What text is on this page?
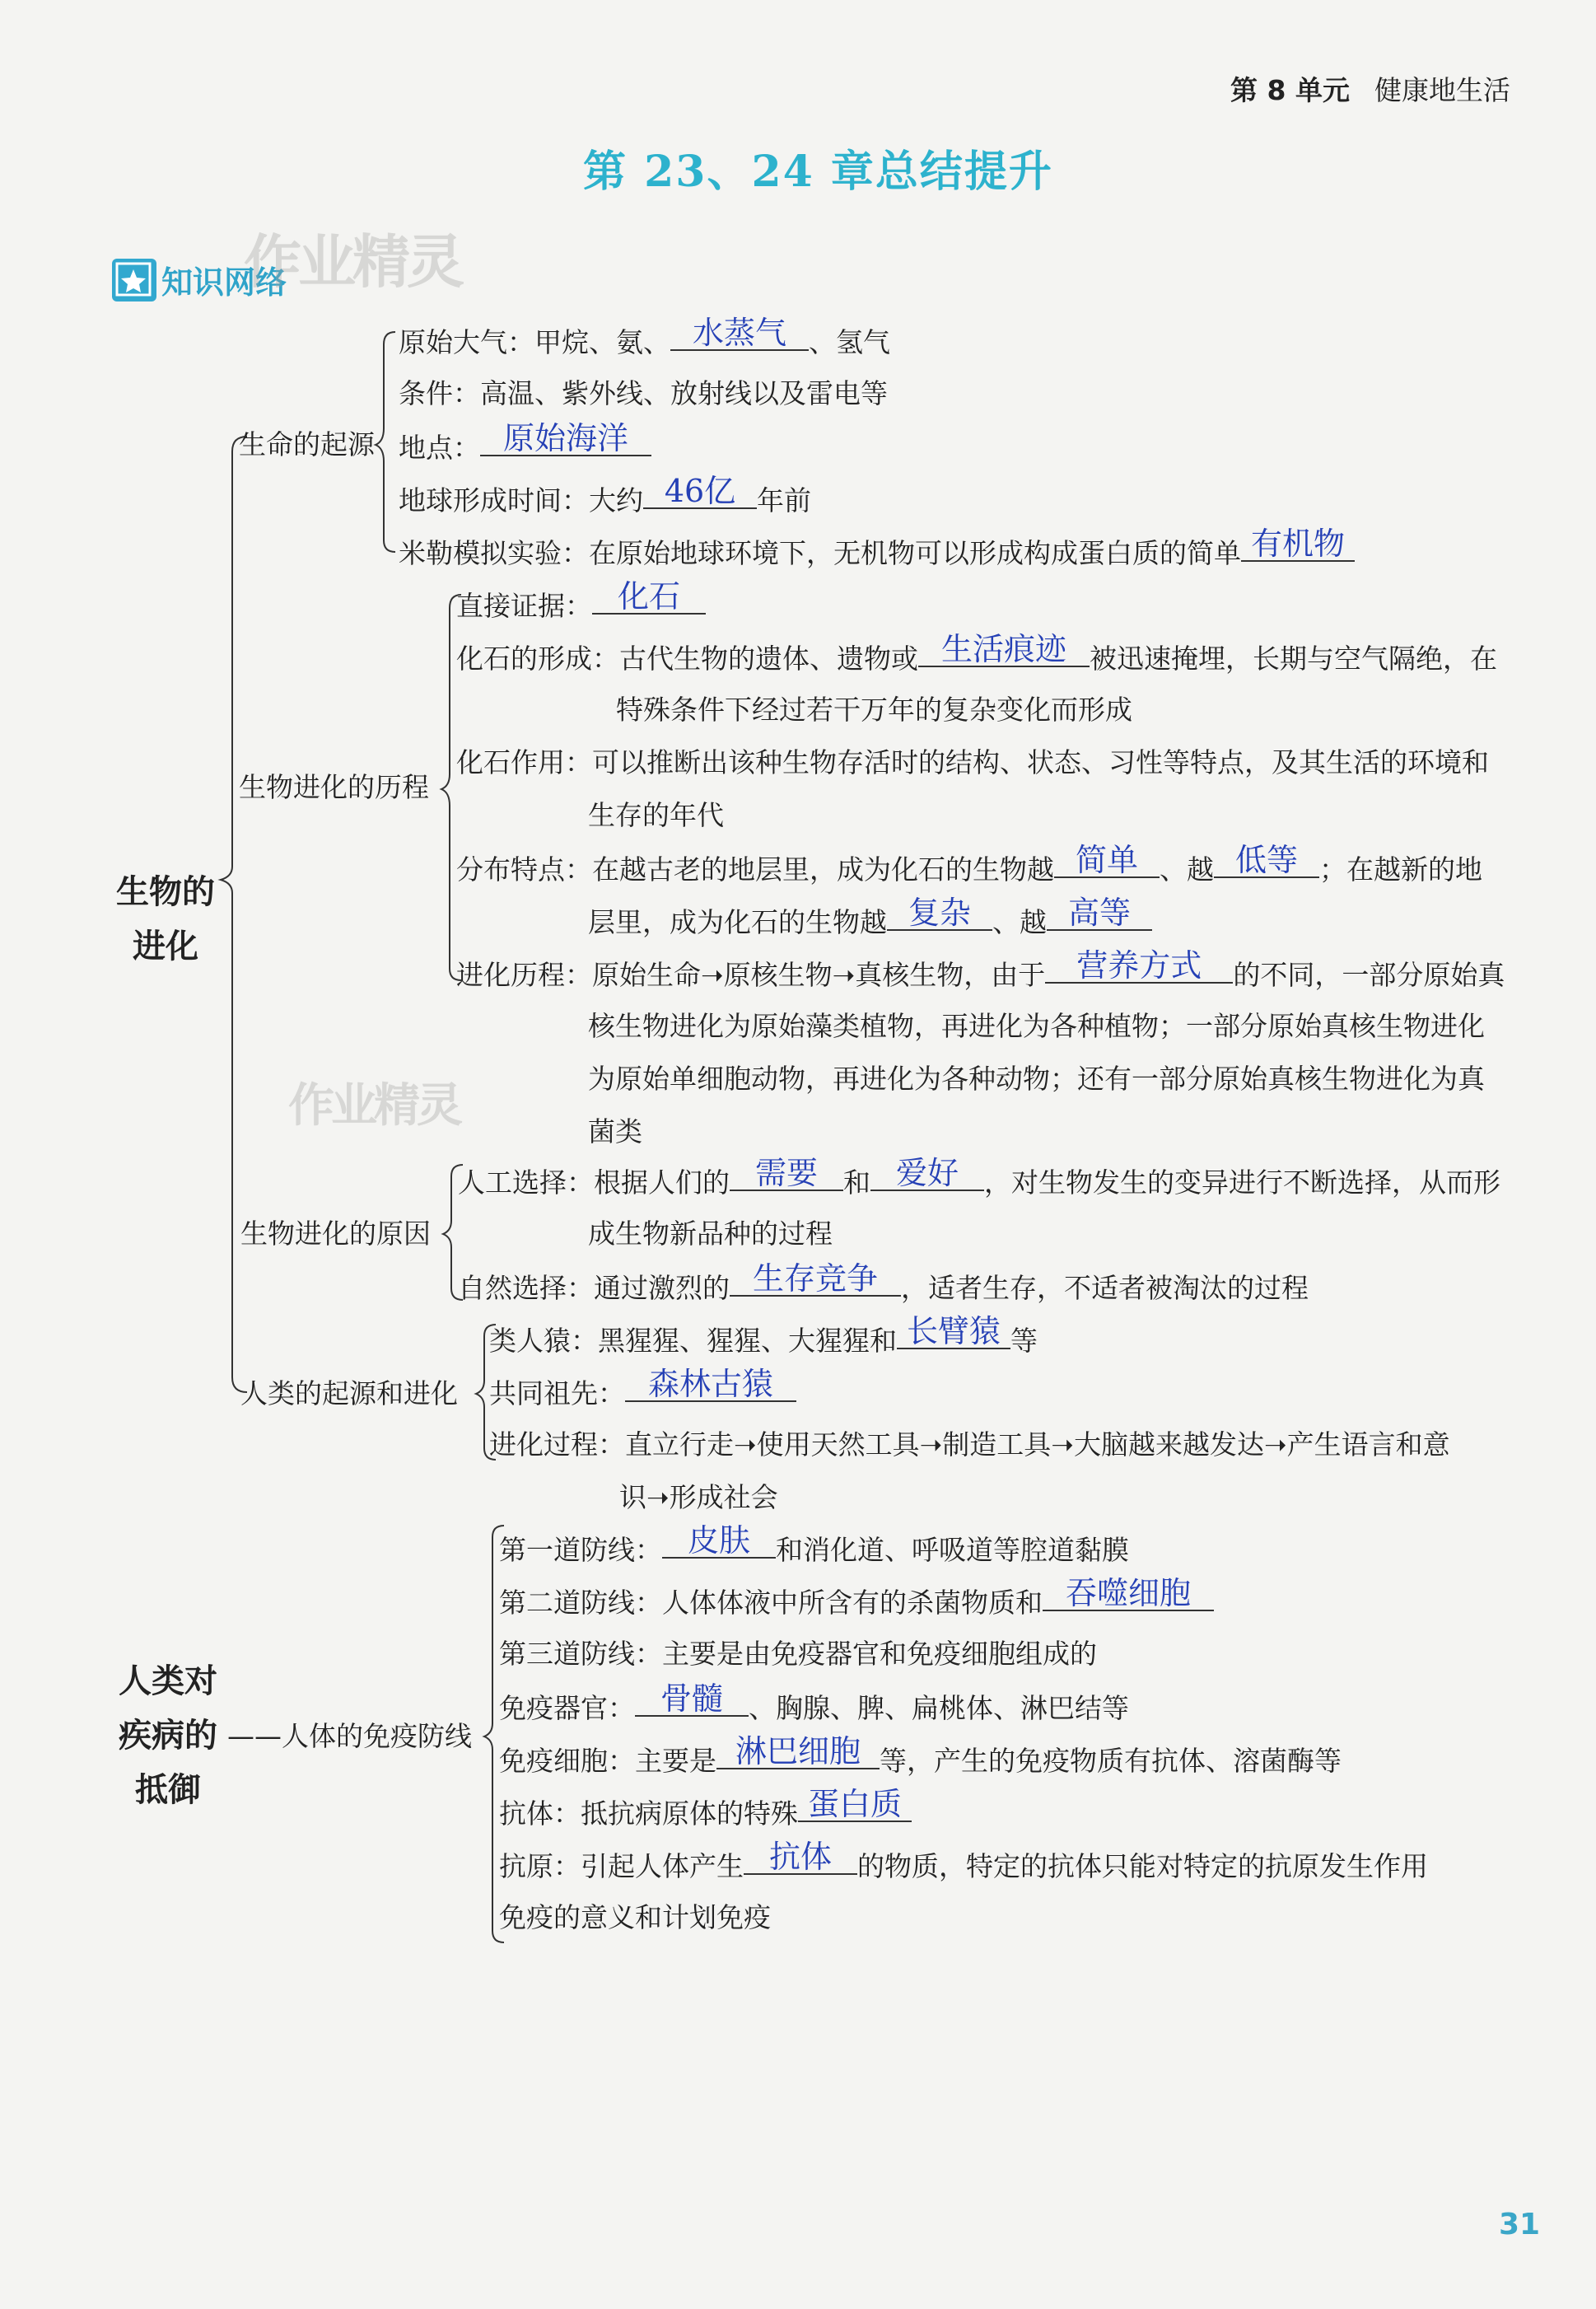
第 8 单元 健康地生活
第 23、24 章总结提升
知识网络
作业精灵
作业精灵
生物的
进化
生命的起源
原始大气：甲烷、氨、 水蒸气 、氢气
条件：高温、紫外线、放射线以及雷电等
地点： 原始海洋
地球形成时间：大约 46亿 年前
米勒模拟实验：在原始地球环境下，无机物可以形成构成蛋白质的简单 有机物
生物进化的历程
直接证据： 化石
化石的形成：古代生物的遗体、遗物或 生活痕迹 被迅速掩埋，长期与空气隔绝，在
特殊条件下经过若干万年的复杂变化而形成
化石作用：可以推断出该种生物存活时的结构、状态、习性等特点，及其生活的环境和
生存的年代
分布特点：在越古老的地层里，成为化石的生物越 简单 、越 低等 ；在越新的地
层里，成为化石的生物越 复杂 、越 高等
进化历程：原始生命➝原核生物➝真核生物，由于 营养方式 的不同，一部分原始真
核生物进化为原始藻类植物，再进化为各种植物；一部分原始真核生物进化
为原始单细胞动物，再进化为各种动物；还有一部分原始真核生物进化为真
菌类
生物进化的原因
人工选择：根据人们的 需要 和 爱好 ，对生物发生的变异进行不断选择，从而形
成生物新品种的过程
自然选择：通过激烈的 生存竞争 ，适者生存，不适者被淘汰的过程
人类的起源和进化
类人猿：黑猩猩、猩猩、大猩猩和 长臂猿 等
共同祖先： 森林古猿
进化过程：直立行走➝使用天然工具➝制造工具➝大脑越来越发达➝产生语言和意
识➝形成社会
人类对
疾病的
抵御
——人体的免疫防线
第一道防线： 皮肤 和消化道、呼吸道等腔道黏膜
第二道防线：人体体液中所含有的杀菌物质和 吞噬细胞
第三道防线：主要是由免疫器官和免疫细胞组成的
免疫器官： 骨髓 、胸腺、脾、扁桃体、淋巴结等
免疫细胞：主要是 淋巴细胞 等，产生的免疫物质有抗体、溶菌酶等
抗体：抵抗病原体的特殊 蛋白质
抗原：引起人体产生 抗体 的物质，特定的抗体只能对特定的抗原发生作用
免疫的意义和计划免疫
31
